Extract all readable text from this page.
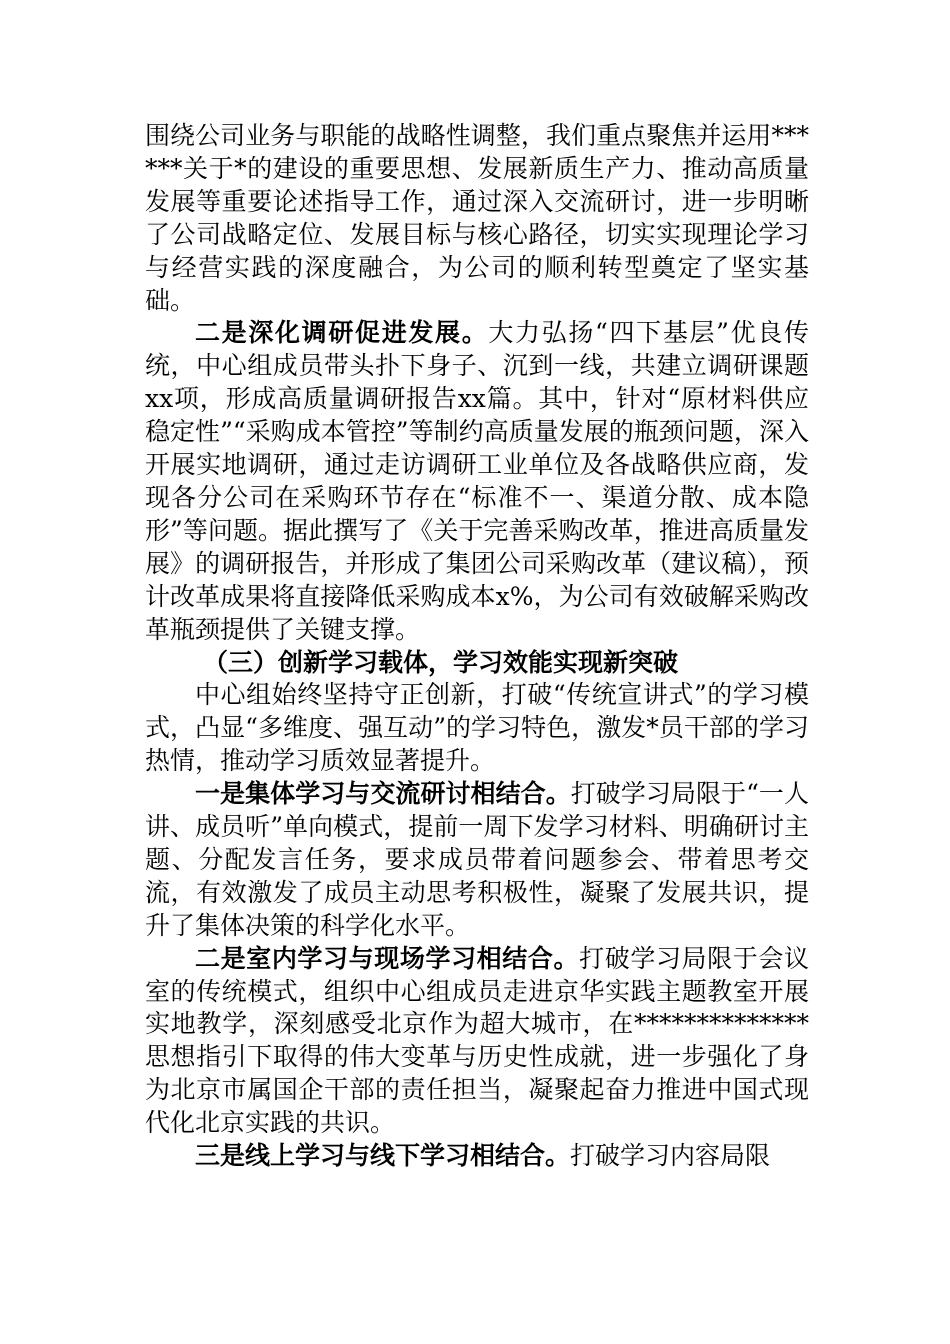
围绕公司业务与职能的战略性调整，我们重点聚焦并运用******关于*的建设的重要思想、发展新质生产力、推动高质量发展等重要论述指导工作，通过深入交流研讨，进一步明晰了公司战略定位、发展目标与核心路径，切实实现理论学习与经营实践的深度融合，为公司的顺利转型奠定了坚实基础。

二是深化调研促进发展。大力弘扬“四下基层”优良传统，中心组成员带头扑下身子、沉到一线，共建立调研课题xx项，形成高质量调研报告xx篇。其中，针对“原材料供应稳定性”“采购成本管控”等制约高质量发展的瓶颈问题，深入开展实地调研，通过走访调研工业单位及各战略供应商，发现各分公司在采购环节存在“标准不一、渠道分散、成本隐形”等问题。据此撰写了《关于完善采购改革，推进高质量发展》的调研报告，并形成了集团公司采购改革（建议稿），预计改革成果将直接降低采购成本x%，为公司有效破解采购改革瓶颈提供了关键支撑。

（三）创新学习载体，学习效能实现新突破

中心组始终坚持守正创新，打破“传统宣讲式”的学习模式，凸显“多维度、强互动”的学习特色，激发*员干部的学习热情，推动学习质效显著提升。

一是集体学习与交流研讨相结合。打破学习局限于“一人讲、成员听”单向模式，提前一周下发学习材料、明确研讨主题、分配发言任务，要求成员带着问题参会、带着思考交流，有效激发了成员主动思考积极性，凝聚了发展共识，提升了集体决策的科学化水平。

二是室内学习与现场学习相结合。打破学习局限于会议室的传统模式，组织中心组成员走进京华实践主题教室开展实地教学，深刻感受北京作为超大城市，在**************思想指引下取得的伟大变革与历史性成就，进一步强化了身为北京市属国企干部的责任担当，凝聚起奋力推进中国式现代化北京实践的共识。

三是线上学习与线下学习相结合。打破学习内容局限
